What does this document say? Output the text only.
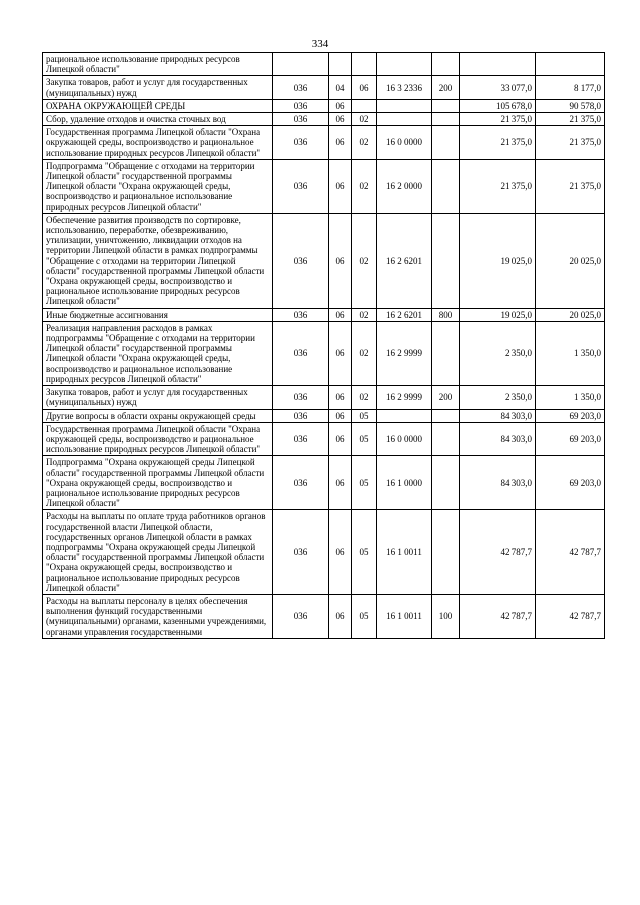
334
рациональное использование природных ресурсов Липецкой области"							
Закупка товаров, работ и услуг для государственных (муниципальных) нужд	036	04	06	16 3 2336	200	33 077,0	8 177,0
ОХРАНА ОКРУЖАЮЩЕЙ СРЕДЫ	036	06				105 678,0	90 578,0
Сбор, удаление отходов и очистка сточных вод	036	06	02			21 375,0	21 375,0
Государственная программа Липецкой области "Охрана окружающей среды, воспроизводство и рациональное использование природных ресурсов Липецкой области"	036	06	02	16 0 0000		21 375,0	21 375,0
Подпрограмма "Обращение с отходами на территории Липецкой области" государственной программы Липецкой области "Охрана окружающей среды, воспроизводство и рациональное использование природных ресурсов Липецкой области"	036	06	02	16 2 0000		21 375,0	21 375,0
Обеспечение развития производств по сортировке, использованию, переработке, обезвреживанию, утилизации, уничтожению, ликвидации отходов на территории Липецкой области в рамках подпрограммы "Обращение с отходами на территории Липецкой области" государственной программы Липецкой области "Охрана окружающей среды, воспроизводство и рациональное использование природных ресурсов Липецкой области"	036	06	02	16 2 6201		19 025,0	20 025,0
Иные бюджетные ассигнования	036	06	02	16 2 6201	800	19 025,0	20 025,0
Реализация направления расходов в рамках подпрограммы "Обращение с отходами на территории Липецкой области" государственной программы Липецкой области "Охрана окружающей среды, воспроизводство и рациональное использование природных ресурсов Липецкой области"	036	06	02	16 2 9999		2 350,0	1 350,0
Закупка товаров, работ и услуг для государственных (муниципальных) нужд	036	06	02	16 2 9999	200	2 350,0	1 350,0
Другие вопросы в области охраны окружающей среды	036	06	05			84 303,0	69 203,0
Государственная программа Липецкой области "Охрана окружающей среды, воспроизводство и рациональное использование природных ресурсов Липецкой области"	036	06	05	16 0 0000		84 303,0	69 203,0
Подпрограмма "Охрана окружающей среды Липецкой области" государственной программы Липецкой области "Охрана окружающей среды, воспроизводство и рациональное использование природных ресурсов Липецкой области"	036	06	05	16 1 0000		84 303,0	69 203,0
Расходы на выплаты по оплате труда работников органов государственной власти Липецкой области, государственных органов Липецкой области в рамках подпрограммы "Охрана окружающей среды Липецкой области" государственной программы Липецкой области "Охрана окружающей среды, воспроизводство и рациональное использование природных ресурсов Липецкой области"	036	06	05	16 1 0011		42 787,7	42 787,7
Расходы на выплаты персоналу в целях обеспечения выполнения функций государственными (муниципальными) органами, казенными учреждениями, органами управления государственными	036	06	05	16 1 0011	100	42 787,7	42 787,7
